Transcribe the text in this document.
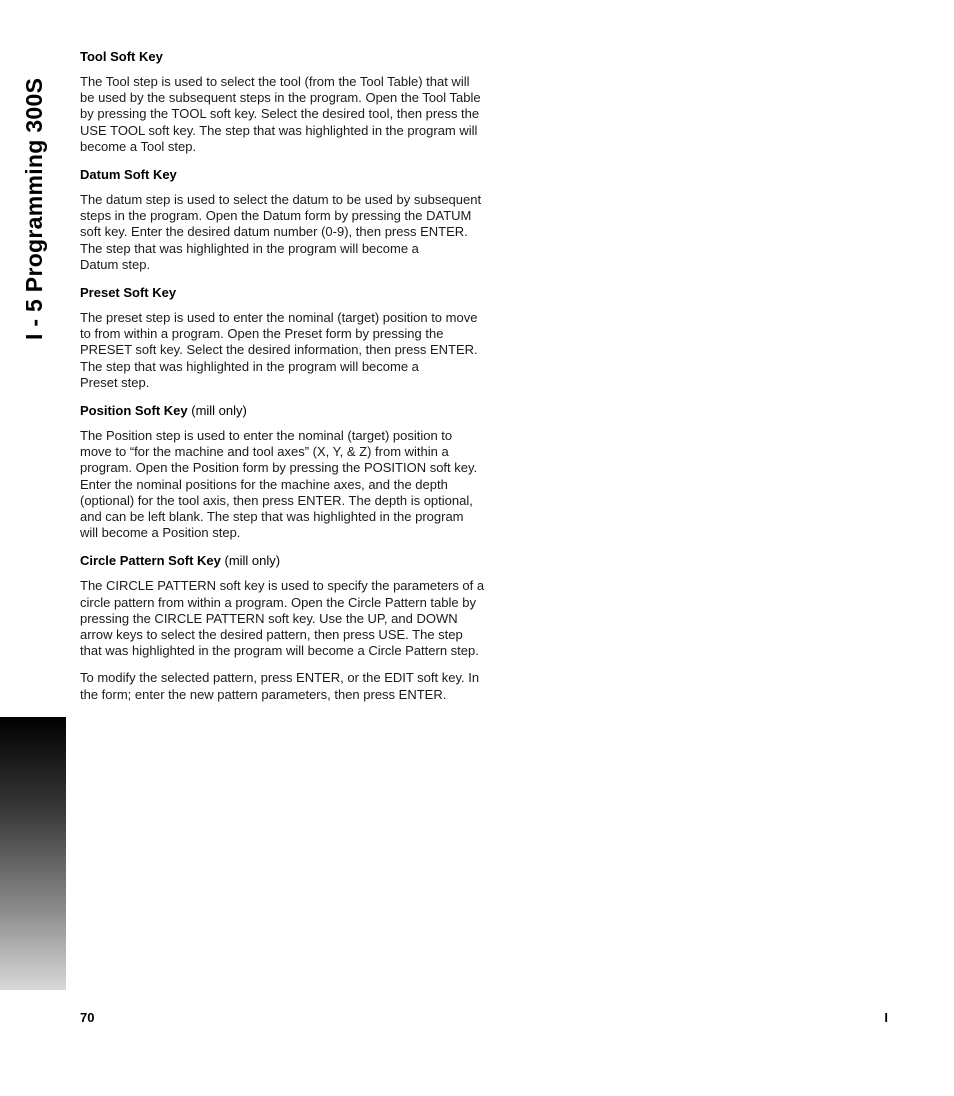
I - 5 Programming 300S
Tool Soft Key
The Tool step is used to select the tool (from the Tool Table) that will
be used by the subsequent steps in the program. Open the Tool Table
by pressing the TOOL soft key. Select the desired tool, then press the
USE TOOL soft key. The step that was highlighted in the program will
become a Tool step.
Datum Soft Key
The datum step is used to select the datum to be used by subsequent
steps in the program. Open the Datum form by pressing the DATUM
soft key. Enter the desired datum number (0-9), then press ENTER.
The step that was highlighted in the program will become a
Datum step.
Preset Soft Key
The preset step is used to enter the nominal (target) position to move
to from within a program. Open the Preset form by pressing the
PRESET soft key. Select the desired information, then press ENTER.
The step that was highlighted in the program will become a
Preset step.
Position Soft Key (mill only)
The Position step is used to enter the nominal (target) position to
move to “for the machine and tool axes” (X, Y, & Z) from within a
program. Open the Position form by pressing the POSITION soft key.
Enter the nominal positions for the machine axes, and the depth
(optional) for the tool axis, then press ENTER. The depth is optional,
and can be left blank. The step that was highlighted in the program
will become a Position step.
Circle Pattern Soft Key (mill only)
The CIRCLE PATTERN soft key is used to specify the parameters of a
circle pattern from within a program. Open the Circle Pattern table by
pressing the CIRCLE PATTERN soft key. Use the UP, and DOWN
arrow keys to select the desired pattern, then press USE. The step
that was highlighted in the program will become a Circle Pattern step.
To modify the selected pattern, press ENTER, or the EDIT soft key. In
the form; enter the new pattern parameters, then press ENTER.
70	I
